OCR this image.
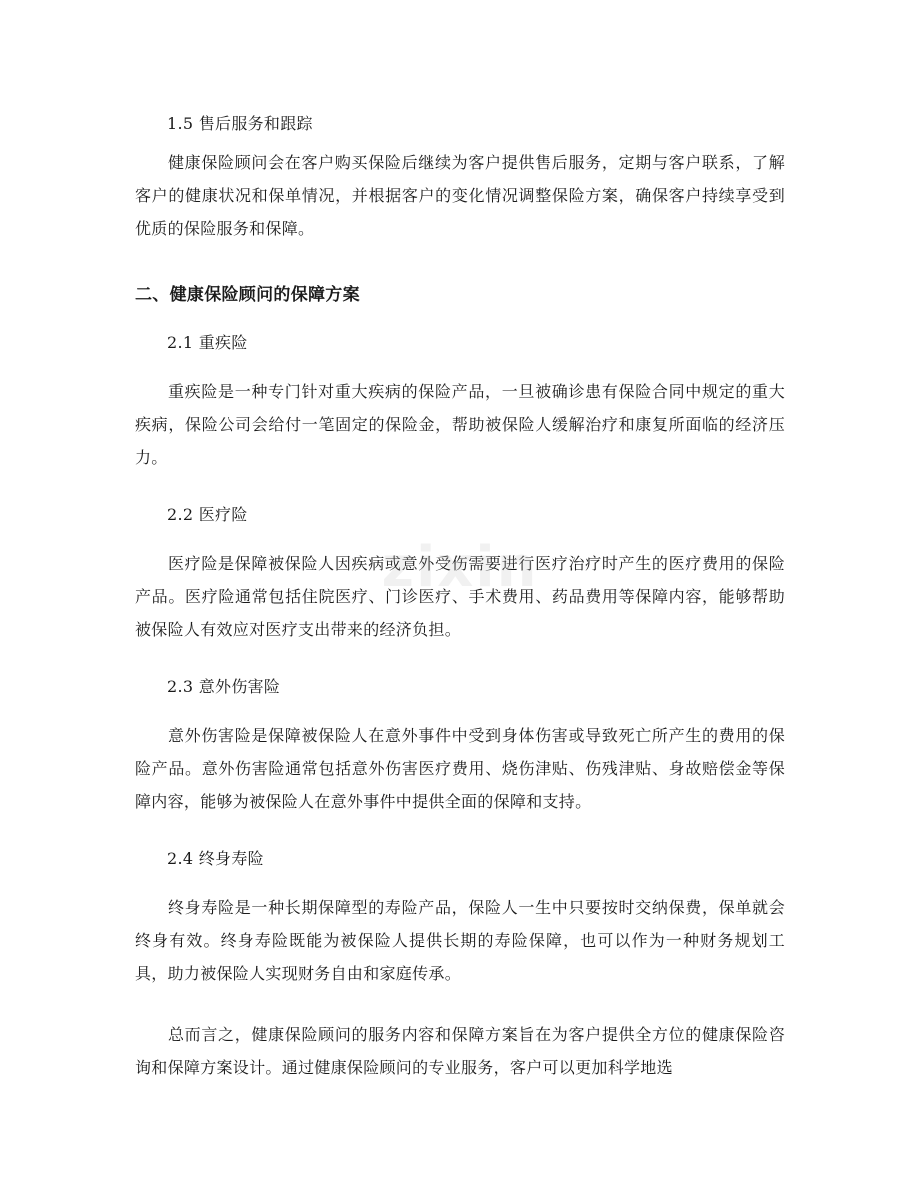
1.5 售后服务和跟踪
健康保险顾问会在客户购买保险后继续为客户提供售后服务，定期与客户联系，了解客户的健康状况和保单情况，并根据客户的变化情况调整保险方案，确保客户持续享受到优质的保险服务和保障。
二、健康保险顾问的保障方案
2.1 重疾险
重疾险是一种专门针对重大疾病的保险产品，一旦被确诊患有保险合同中规定的重大疾病，保险公司会给付一笔固定的保险金，帮助被保险人缓解治疗和康复所面临的经济压力。
2.2 医疗险
医疗险是保障被保险人因疾病或意外受伤需要进行医疗治疗时产生的医疗费用的保险产品。医疗险通常包括住院医疗、门诊医疗、手术费用、药品费用等保障内容，能够帮助被保险人有效应对医疗支出带来的经济负担。
2.3 意外伤害险
意外伤害险是保障被保险人在意外事件中受到身体伤害或导致死亡所产生的费用的保险产品。意外伤害险通常包括意外伤害医疗费用、烧伤津贴、伤残津贴、身故赔偿金等保障内容，能够为被保险人在意外事件中提供全面的保障和支持。
2.4 终身寿险
终身寿险是一种长期保障型的寿险产品，保险人一生中只要按时交纳保费，保单就会终身有效。终身寿险既能为被保险人提供长期的寿险保障，也可以作为一种财务规划工具，助力被保险人实现财务自由和家庭传承。
总而言之，健康保险顾问的服务内容和保障方案旨在为客户提供全方位的健康保险咨询和保障方案设计。通过健康保险顾问的专业服务，客户可以更加科学地选
zixin
